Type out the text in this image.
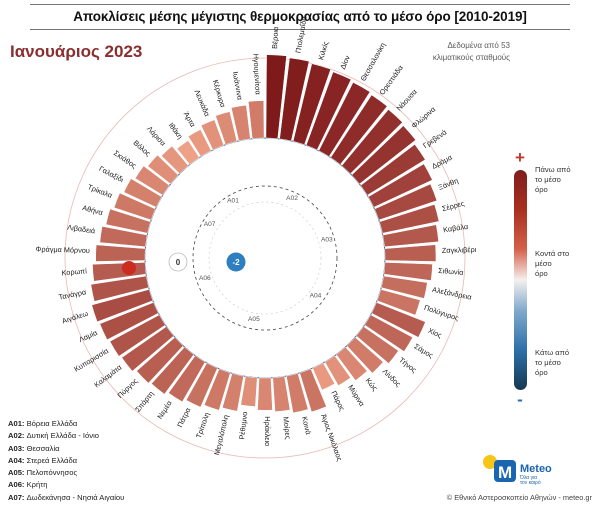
Αποκλίσεις μέσης μέγιστης θερμοκρασίας από το μέσο όρο [2010-2019]
Ιανουάριος 2023	Δεδομένα από 53
κλιματικούς σταθμούς
Βέροια Πτολεμαΐδα Κιλκίς
Δίον Θεσσαλονίκη
Ορεστιάδα
Νάουσα
Φλώρινα
Γρεβενά
Δράμα
Ξάνθη
Σέρρες
Καβάλα
Ζαγκλιβέρι
Σιθωνία
Αλεξάνδρεια
Πολύγυρος
Χίος
Σάμος
Τήνος
Λίνδος
Κώς
Μύρινα
Πάρος
Άγιος Νικόλαος
Κοινά
Μοίρες
Ηράκλειο
Ρέθυμνο
Μεγαλόπολη
Τρίπολη
Πάτρα
Νεμέα
Σπάρτη
Πύργος
Καλαμάτα
Κυπαρισσία
Λαμία
Αιγάλεω
Τανάγρα
Κορωπί
Φράγμα Μόρνου
Λιβαδειά
Αθήνα
Τρίκαλα
Γαλαξίδι
Σκιάθος
Βόλος
Λάρισα Ιθάκη
Άρτα
Λευκάδα Κέρκυρα Ιωάννινα Ηγουμενίτσα
A01	A02
A03
A04
A05
A06
A07
0	-2
+
-
Πάνω από
το μέσο
όρο
Κοντά στο
μέσο
όρο
Κάτω από
το μέσο
όρο
A01: Βόρεια Ελλάδα
A02: Δυτική Ελλάδα - Ιόνιο
A03: Θεσσαλία
A04: Στερεά Ελλάδα
A05: Πελοπόννησος
A06: Κρήτη
A07: Δωδεκάνησα - Νησιά Αιγαίου
M Meteo
Όλα για
τον καιρό
© Εθνικό Αστεροσκοπείο Αθηνών - meteo.gr
